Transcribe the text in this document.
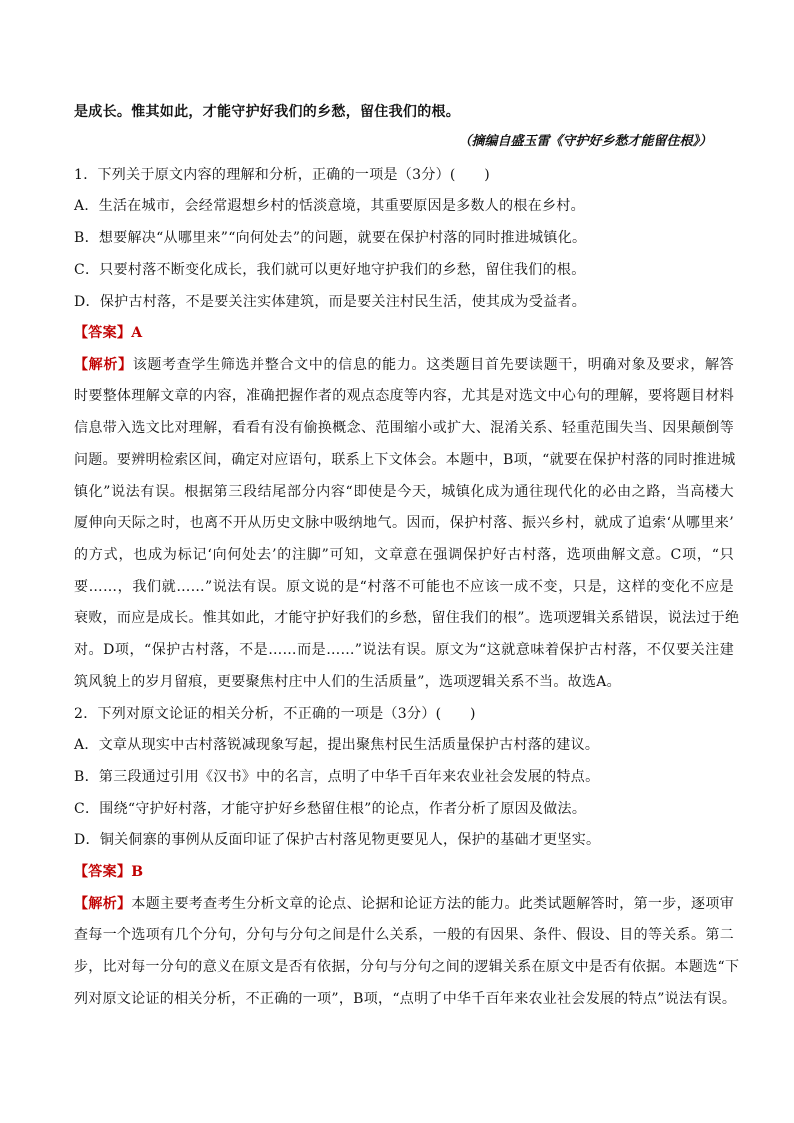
是成长。惟其如此，才能守护好我们的乡愁，留住我们的根。
（摘编自盛玉雷《守护好乡愁才能留住根》）
1．下列关于原文内容的理解和分析，正确的一项是（3分）(　　)
A．生活在城市，会经常遐想乡村的恬淡意境，其重要原因是多数人的根在乡村。
B．想要解决“从哪里来”“向何处去”的问题，就要在保护村落的同时推进城镇化。
C．只要村落不断变化成长，我们就可以更好地守护我们的乡愁，留住我们的根。
D．保护古村落，不是要关注实体建筑，而是要关注村民生活，使其成为受益者。
【答案】A
【解析】该题考查学生筛选并整合文中的信息的能力。这类题目首先要读题干，明确对象及要求，解答
时要整体理解文章的内容，准确把握作者的观点态度等内容，尤其是对选文中心句的理解，要将题目材料
信息带入选文比对理解，看看有没有偷换概念、范围缩小或扩大、混淆关系、轻重范围失当、因果颠倒等
问题。要辨明检索区间，确定对应语句，联系上下文体会。本题中，B项，“就要在保护村落的同时推进城
镇化”说法有误。根据第三段结尾部分内容“即使是今天，城镇化成为通往现代化的必由之路，当高楼大
厦伸向天际之时，也离不开从历史文脉中吸纳地气。因而，保护村落、振兴乡村，就成了追索‘从哪里来’
的方式，也成为标记‘向何处去’的注脚”可知，文章意在强调保护好古村落，选项曲解文意。C项，“只
要……，我们就……”说法有误。原文说的是“村落不可能也不应该一成不变，只是，这样的变化不应是
衰败，而应是成长。惟其如此，才能守护好我们的乡愁，留住我们的根”。选项逻辑关系错误，说法过于绝
对。D项，“保护古村落，不是……而是……”说法有误。原文为“这就意味着保护古村落，不仅要关注建
筑风貌上的岁月留痕，更要聚焦村庄中人们的生活质量”，选项逻辑关系不当。故选A。
2．下列对原文论证的相关分析，不正确的一项是（3分）(　　)
A．文章从现实中古村落锐减现象写起，提出聚焦村民生活质量保护古村落的建议。
B．第三段通过引用《汉书》中的名言，点明了中华千百年来农业社会发展的特点。
C．围绕“守护好村落，才能守护好乡愁留住根”的论点，作者分析了原因及做法。
D．铜关侗寨的事例从反面印证了保护古村落见物更要见人，保护的基础才更坚实。
【答案】B
【解析】本题主要考查考生分析文章的论点、论据和论证方法的能力。此类试题解答时，第一步，逐项审
查每一个选项有几个分句，分句与分句之间是什么关系，一般的有因果、条件、假设、目的等关系。第二
步，比对每一分句的意义在原文是否有依据，分句与分句之间的逻辑关系在原文中是否有依据。本题选“下
列对原文论证的相关分析，不正确的一项”，B项，“点明了中华千百年来农业社会发展的特点”说法有误。
